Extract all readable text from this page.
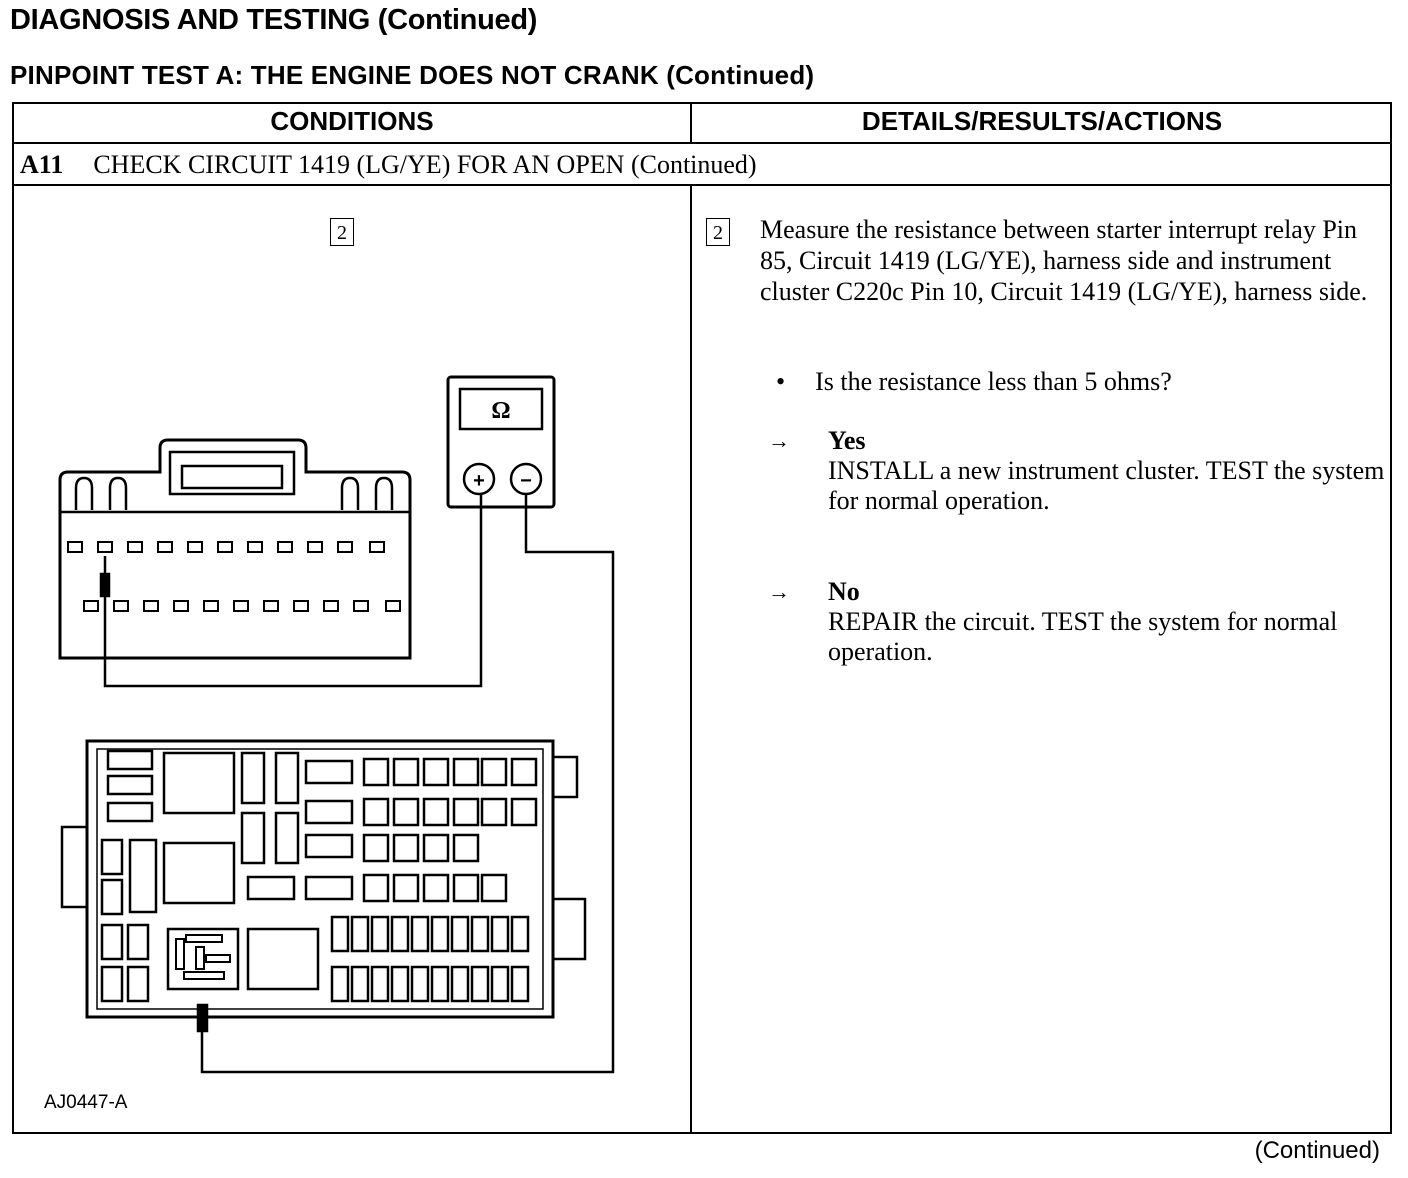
DIAGNOSIS AND TESTING (Continued)
PINPOINT TEST A: THE ENGINE DOES NOT CRANK (Continued)
CONDITIONS	DETAILS/RESULTS/ACTIONS
A11 CHECK CIRCUIT 1419 (LG/YE) FOR AN OPEN (Continued)
2	2 Measure the resistance between starter interrupt relay Pin 85, Circuit 1419 (LG/YE), harness side and instrument cluster C220c Pin 10, Circuit 1419 (LG/YE), harness side.
• Is the resistance less than 5 ohms?
→ Yes
INSTALL a new instrument cluster. TEST the system for normal operation.
→ No
REPAIR the circuit. TEST the system for normal operation.
AJ0447-A
Ω
+ −
(Continued)
